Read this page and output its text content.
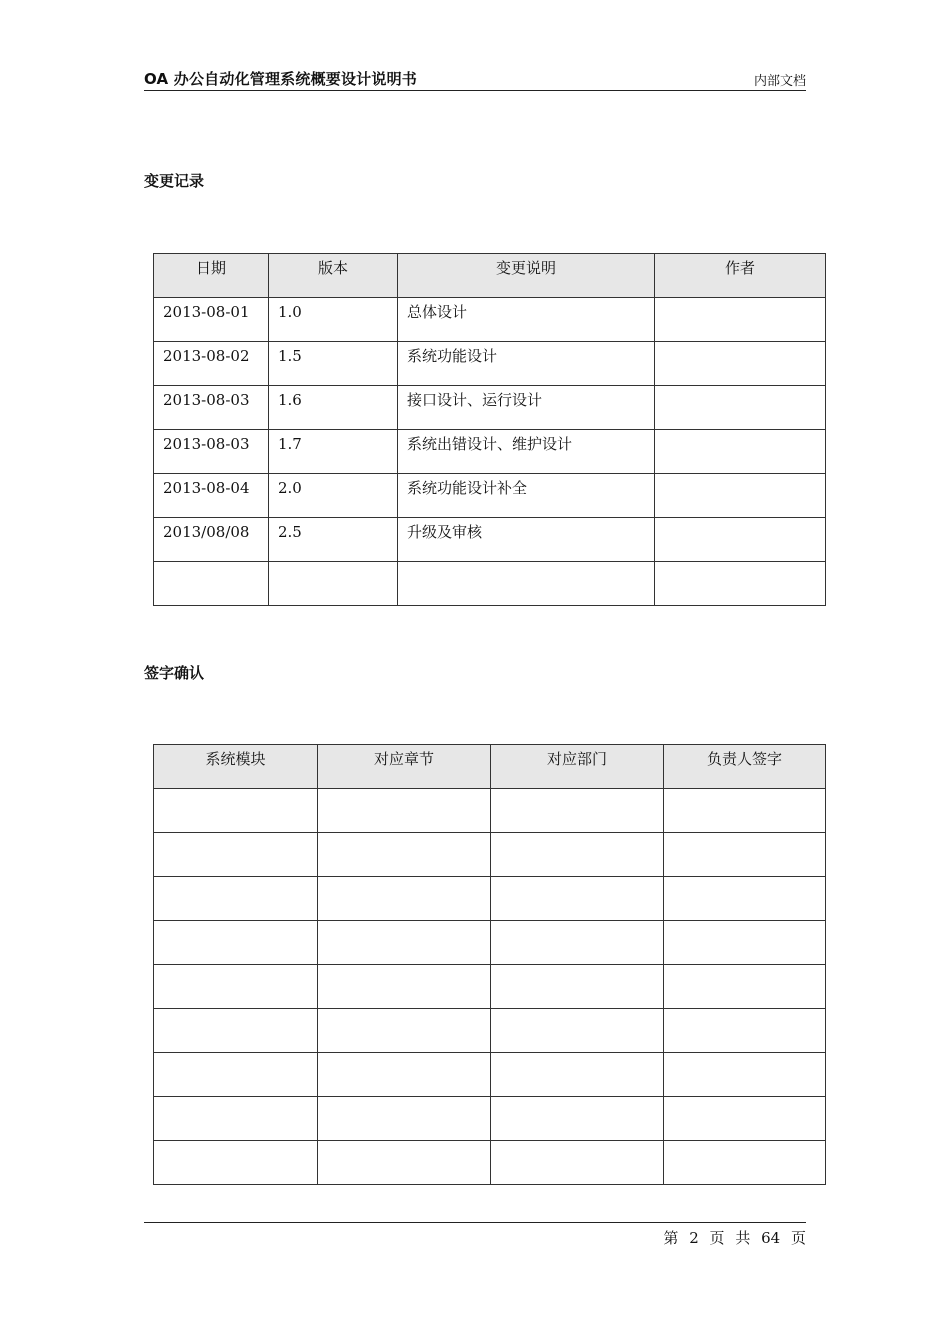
OA 办公自动化管理系统概要设计说明书	内部文档
变更记录
日期	版本	变更说明	作者
2013-08-01	1.0	总体设计	
2013-08-02	1.5	系统功能设计	
2013-08-03	1.6	接口设计、运行设计	
2013-08-03	1.7	系统出错设计、维护设计	
2013-08-04	2.0	系统功能设计补全	
2013/08/08	2.5	升级及审核	

签字确认
系统模块	对应章节	对应部门	负责人签字

第 2 页 共 64 页
